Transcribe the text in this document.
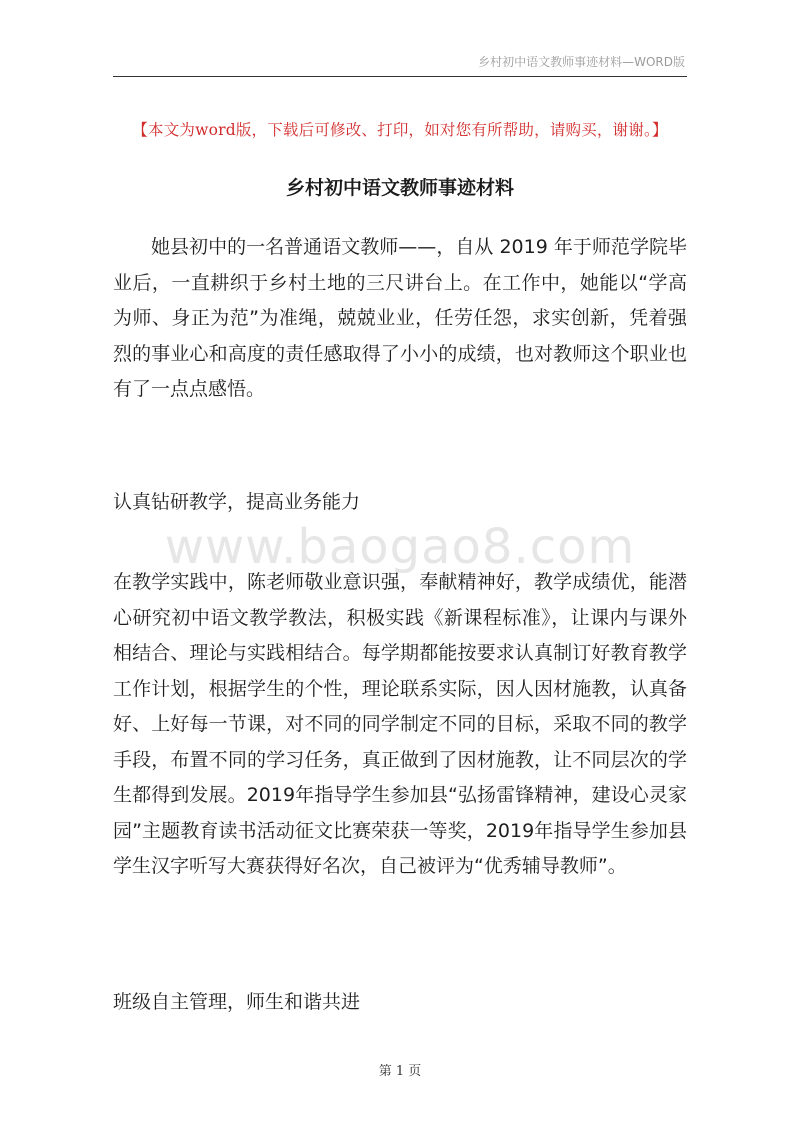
乡村初中语文教师事迹材料—WORD版
【本文为word版，下载后可修改、打印，如对您有所帮助，请购买，谢谢。】
乡村初中语文教师事迹材料
她县初中的一名普通语文教师——，自从 2019 年于师范学院毕业后，一直耕织于乡村土地的三尺讲台上。在工作中，她能以“学高为师、身正为范”为准绳，兢兢业业，任劳任怨，求实创新，凭着强烈的事业心和高度的责任感取得了小小的成绩，也对教师这个职业也有了一点点感悟。
认真钻研教学，提高业务能力
www.baogao8.com
在教学实践中，陈老师敬业意识强，奉献精神好，教学成绩优，能潜心研究初中语文教学教法，积极实践《新课程标准》，让课内与课外相结合、理论与实践相结合。每学期都能按要求认真制订好教育教学工作计划，根据学生的个性，理论联系实际，因人因材施教，认真备好、上好每一节课，对不同的同学制定不同的目标，采取不同的教学手段，布置不同的学习任务，真正做到了因材施教，让不同层次的学生都得到发展。2019年指导学生参加县“弘扬雷锋精神，建设心灵家园”主题教育读书活动征文比赛荣获一等奖，2019年指导学生参加县学生汉字听写大赛获得好名次，自己被评为“优秀辅导教师”。
班级自主管理，师生和谐共进
第 1 页
